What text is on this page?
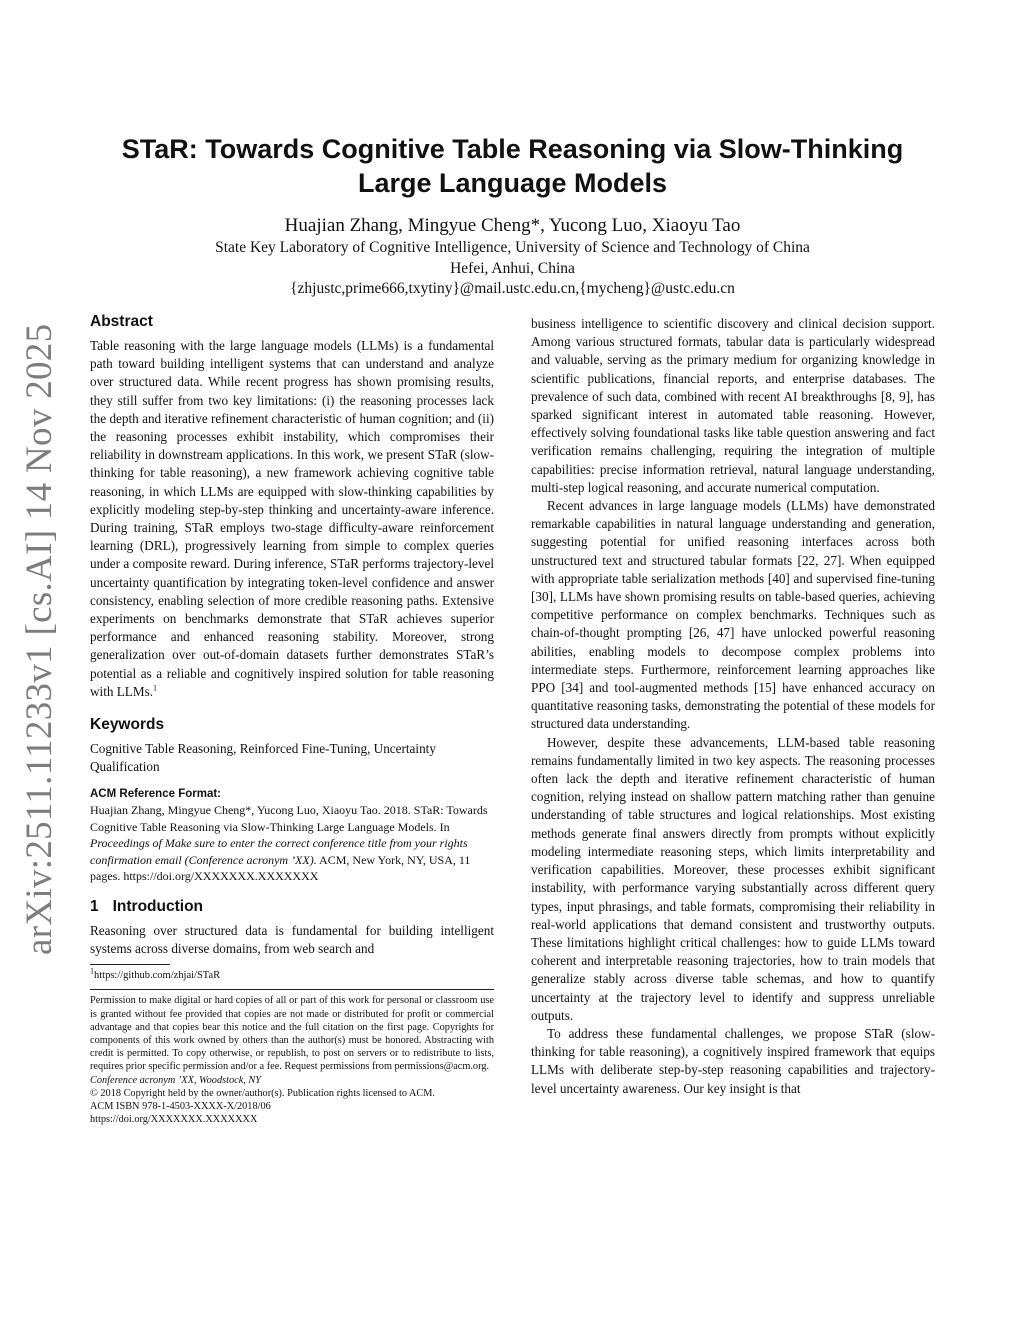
arXiv:2511.11233v1 [cs.AI] 14 Nov 2025
STaR: Towards Cognitive Table Reasoning via Slow-Thinking
Large Language Models
Huajian Zhang, Mingyue Cheng*, Yucong Luo, Xiaoyu Tao
State Key Laboratory of Cognitive Intelligence, University of Science and Technology of China
Hefei, Anhui, China
{zhjustc,prime666,txytiny}@mail.ustc.edu.cn,{mycheng}@ustc.edu.cn
Abstract

Table reasoning with the large language models (LLMs) is a fundamental path toward building intelligent systems that can understand and analyze over structured data. While recent progress has shown promising results, they still suffer from two key limitations: (i) the reasoning processes lack the depth and iterative refinement characteristic of human cognition; and (ii) the reasoning processes exhibit instability, which compromises their reliability in downstream applications. In this work, we present STaR (slow-thinking for table reasoning), a new framework achieving cognitive table reasoning, in which LLMs are equipped with slow-thinking capabilities by explicitly modeling step-by-step thinking and uncertainty-aware inference. During training, STaR employs two-stage difficulty-aware reinforcement learning (DRL), progressively learning from simple to complex queries under a composite reward. During inference, STaR performs trajectory-level uncertainty quantification by integrating token-level confidence and answer consistency, enabling selection of more credible reasoning paths. Extensive experiments on benchmarks demonstrate that STaR achieves superior performance and enhanced reasoning stability. Moreover, strong generalization over out-of-domain datasets further demonstrates STaR’s potential as a reliable and cognitively inspired solution for table reasoning with LLMs.$^1$

Keywords

Cognitive Table Reasoning, Reinforced Fine-Tuning, Uncertainty Qualification

ACM Reference Format:

Huajian Zhang, Mingyue Cheng*, Yucong Luo, Xiaoyu Tao. 2018. STaR: Towards Cognitive Table Reasoning via Slow-Thinking Large Language Models. In Proceedings of Make sure to enter the correct conference title from your rights confirmation email (Conference acronym ’XX). ACM, New York, NY, USA, 11 pages. https://doi.org/XXXXXXX.XXXXXXX

1 Introduction

Reasoning over structured data is fundamental for building intelligent systems across diverse domains, from web search and

$^1$https://github.com/zhjai/STaR

Permission to make digital or hard copies of all or part of this work for personal or classroom use is granted without fee provided that copies are not made or distributed for profit or commercial advantage and that copies bear this notice and the full citation on the first page. Copyrights for components of this work owned by others than the author(s) must be honored. Abstracting with credit is permitted. To copy otherwise, or republish, to post on servers or to redistribute to lists, requires prior specific permission and/or a fee. Request permissions from permissions@acm.org.

Conference acronym ’XX, Woodstock, NY
© 2018 Copyright held by the owner/author(s). Publication rights licensed to ACM.
ACM ISBN 978-1-4503-XXXX-X/2018/06
https://doi.org/XXXXXXX.XXXXXXX

business intelligence to scientific discovery and clinical decision support. Among various structured formats, tabular data is particularly widespread and valuable, serving as the primary medium for organizing knowledge in scientific publications, financial reports, and enterprise databases. The prevalence of such data, combined with recent AI breakthroughs [8, 9], has sparked significant interest in automated table reasoning. However, effectively solving foundational tasks like table question answering and fact verification remains challenging, requiring the integration of multiple capabilities: precise information retrieval, natural language understanding, multi-step logical reasoning, and accurate numerical computation.

Recent advances in large language models (LLMs) have demonstrated remarkable capabilities in natural language understanding and generation, suggesting potential for unified reasoning interfaces across both unstructured text and structured tabular formats [22, 27]. When equipped with appropriate table serialization methods [40] and supervised fine-tuning [30], LLMs have shown promising results on table-based queries, achieving competitive performance on complex benchmarks. Techniques such as chain-of-thought prompting [26, 47] have unlocked powerful reasoning abilities, enabling models to decompose complex problems into intermediate steps. Furthermore, reinforcement learning approaches like PPO [34] and tool-augmented methods [15] have enhanced accuracy on quantitative reasoning tasks, demonstrating the potential of these models for structured data understanding.

However, despite these advancements, LLM-based table reasoning remains fundamentally limited in two key aspects. The reasoning processes often lack the depth and iterative refinement characteristic of human cognition, relying instead on shallow pattern matching rather than genuine understanding of table structures and logical relationships. Most existing methods generate final answers directly from prompts without explicitly modeling intermediate reasoning steps, which limits interpretability and verification capabilities. Moreover, these processes exhibit significant instability, with performance varying substantially across different query types, input phrasings, and table formats, compromising their reliability in real-world applications that demand consistent and trustworthy outputs. These limitations highlight critical challenges: how to guide LLMs toward coherent and interpretable reasoning trajectories, how to train models that generalize stably across diverse table schemas, and how to quantify uncertainty at the trajectory level to identify and suppress unreliable outputs.

To address these fundamental challenges, we propose STaR (slow-thinking for table reasoning), a cognitively inspired framework that equips LLMs with deliberate step-by-step reasoning capabilities and trajectory-level uncertainty awareness. Our key insight is that
